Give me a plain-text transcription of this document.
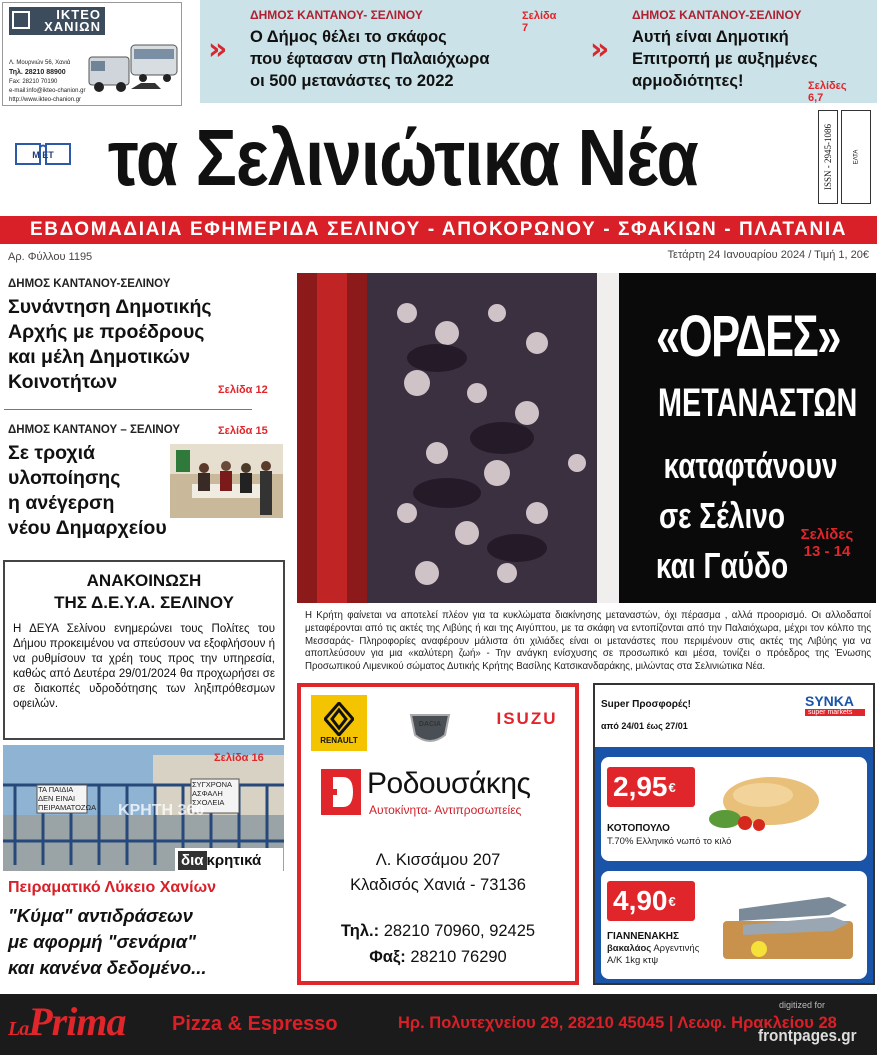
ΙΚΤΕΟ
ΧΑΝΙΩΝ
Λ. Μουρνιών 56, Χανιά
Τηλ. 28210 88900
Fax: 28210 70190
e-mail:info@ikteo-chanion.gr
http://www.ikteo-chanion.gr
»
ΔΗΜΟΣ ΚΑΝΤΑΝΟΥ- ΣΕΛΙΝΟΥ	Σελίδα 7
Ο Δήμος θέλει το σκάφος
που έφτασαν στη Παλαιόχωρα
οι 500 μετανάστες το 2022
»
ΔΗΜΟΣ ΚΑΝΤΑΝΟΥ-ΣΕΛΙΝΟΥ
Αυτή είναι Δημοτική
Επιτροπή με αυξημένες
αρμοδιότητες!	Σελίδες 6,7
Μ ΕΤ τα Σελινιώτικα Νέα	ISSN - 2945-1086	ΕΛΤΑ
ΕΒΔΟΜΑΔΙΑΙΑ ΕΦΗΜΕΡΙΔΑ ΣΕΛΙΝΟΥ - ΑΠΟΚΟΡΩΝΟΥ - ΣΦΑΚΙΩΝ - ΠΛΑΤΑΝΙΑ
Αρ. Φύλλου 1195	Τετάρτη 24 Ιανουαρίου 2024 / Τιμή 1, 20€
ΔΗΜΟΣ ΚΑΝΤΑΝΟΥ-ΣΕΛΙΝΟΥ
Συνάντηση Δημοτικής
Αρχής με προέδρους
και μέλη Δημοτικών
Κοινοτήτων	Σελίδα 12
ΔΗΜΟΣ ΚΑΝΤΑΝΟΥ – ΣΕΛΙΝΟΥ	Σελίδα 15
Σε τροχιά
υλοποίησης
η ανέγερση
νέου Δημαρχείου
ΑΝΑΚΟΙΝΩΣΗ
ΤΗΣ Δ.Ε.Υ.Α. ΣΕΛΙΝΟΥ
Η ΔΕΥΑ Σελίνου ενημερώνει τους Πολίτες του Δήμου προκειμένου να σπεύσουν να εξοφλήσουν ή να ρυθμίσουν τα χρέη τους προς την υπηρεσία, καθώς από Δευτέρα 29/01/2024 θα προχωρήσει σε σε διακοπές υδροδότησης των ληξιπρόθεσμων οφειλών.
ΤΑ ΠΑΙΔΙΑ ΔΕΝ ΕΙΝΑΙ ΠΕΙΡΑΜΑΤΟΖΩΑ
ΣΥΓΧΡΟΝΑ ΑΣΦΑΛΗ ΣΧΟΛΕΙΑ
ΚΡΗΤΗ 360
Σελίδα 16
δια κρητικά
Πειραματικό Λύκειο Χανίων
"Κύμα" αντιδράσεων
με αφορμή "σενάρια"
και κανένα δεδομένο...
«ΟΡΔΕΣ»
ΜΕΤΑΝΑΣΤΩΝ
καταφτάνουν
σε Σέλινο
και Γαύδο
Σελίδες
13 - 14
Η Κρήτη φαίνεται να αποτελεί πλέον για τα κυκλώματα διακίνησης μεταναστών, όχι πέρασμα , αλλά προορισμό. Οι αλλοδαποί μεταφέρονται από τις ακτές της Λιβύης ή και της Αιγύπτου, με τα σκάφη να εντοπίζονται από την Παλαιόχωρα, μέχρι τον κόλπο της Μεσσαράς- Πληροφορίες αναφέρουν μάλιστα ότι χιλιάδες είναι οι μετανάστες που περιμένουν στις ακτές της Λιβύης για να αποπλεύσουν για μια «καλύτερη ζωή» - Την ανάγκη ενίσχυσης σε προσωπικό και μέσα, τονίζει ο πρόεδρος της Ένωσης Προσωπικού Λιμενικού σώματος Δυτικής Κρήτης Βασίλης Κατσικανδαράκης, μιλώντας στα Σελινιώτικα Νέα.
RENAULT
DACIA	ISUZU
Ροδουσάκης
Αυτοκίνητα- Αντιπροσωπείες
Λ. Κισσάμου 207
Κλαδισός Χανιά - 73136
Τηλ.: 28210 70960, 92425
Φαξ: 28210 76290
Super Προσφορές!
από 24/01 έως 27/01
SYNKA
super markets
2,95 €
ΚΟΤΟΠΟΥΛΟ
Τ.70% Ελληνικό νωπό το κιλό
4,90 €
ΓΙΑΝΝΕΝΑΚΗΣ
βακαλάος Αργεντινής
Α/Κ 1kg κτψ
LaPrima Pizza & Espresso	Ηρ. Πολυτεχνείου 29, 28210 45045 | Λεωφ. Ηρακλείου 28
digitized for
frontpages.gr
